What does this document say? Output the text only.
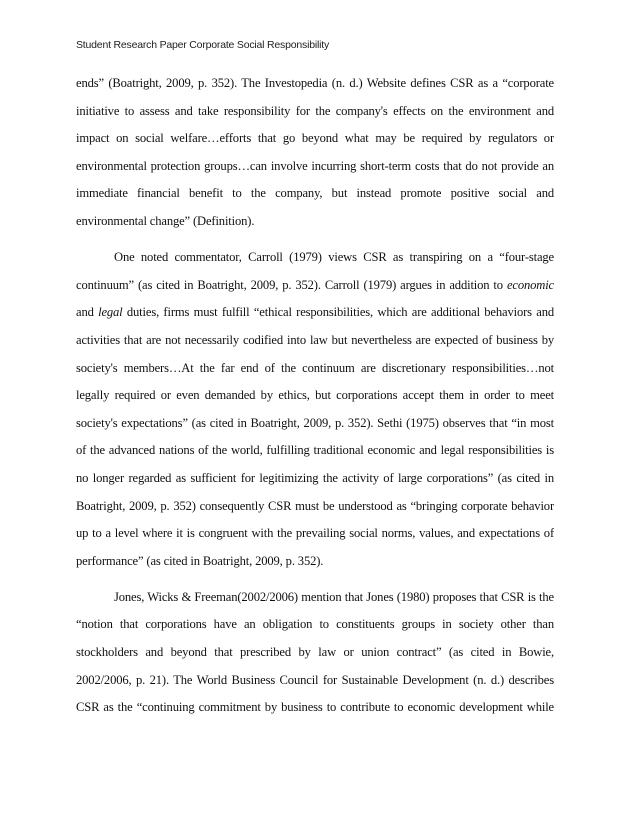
Student Research Paper Corporate Social Responsibility
ends” (Boatright, 2009, p. 352). The Investopedia (n. d.) Website defines CSR as a “corporate
initiative to assess and take responsibility for the company's effects on the environment and
impact on social welfare…efforts that go beyond what may be required by regulators or
environmental protection groups…can involve incurring short-term costs that do not provide an
immediate financial benefit to the company, but instead promote positive social and
environmental change” (Definition).
One noted commentator, Carroll (1979) views CSR as transpiring on a “four-stage
continuum” (as cited in Boatright, 2009, p. 352). Carroll (1979) argues in addition to economic
and legal duties, firms must fulfill “ethical responsibilities, which are additional behaviors and
activities that are not necessarily codified into law but nevertheless are expected of business by
society's members…At the far end of the continuum are discretionary responsibilities…not
legally required or even demanded by ethics, but corporations accept them in order to meet
society's expectations” (as cited in Boatright, 2009, p. 352). Sethi (1975) observes that “in most
of the advanced nations of the world, fulfilling traditional economic and legal responsibilities is
no longer regarded as sufficient for legitimizing the activity of large corporations” (as cited in
Boatright, 2009, p. 352) consequently CSR must be understood as “bringing corporate behavior
up to a level where it is congruent with the prevailing social norms, values, and expectations of
performance” (as cited in Boatright, 2009, p. 352).
Jones, Wicks & Freeman(2002/2006) mention that Jones (1980) proposes that CSR is the
“notion that corporations have an obligation to constituents groups in society other than
stockholders and beyond that prescribed by law or union contract” (as cited in Bowie,
2002/2006, p. 21). The World Business Council for Sustainable Development (n. d.) describes
CSR as the “continuing commitment by business to contribute to economic development while
